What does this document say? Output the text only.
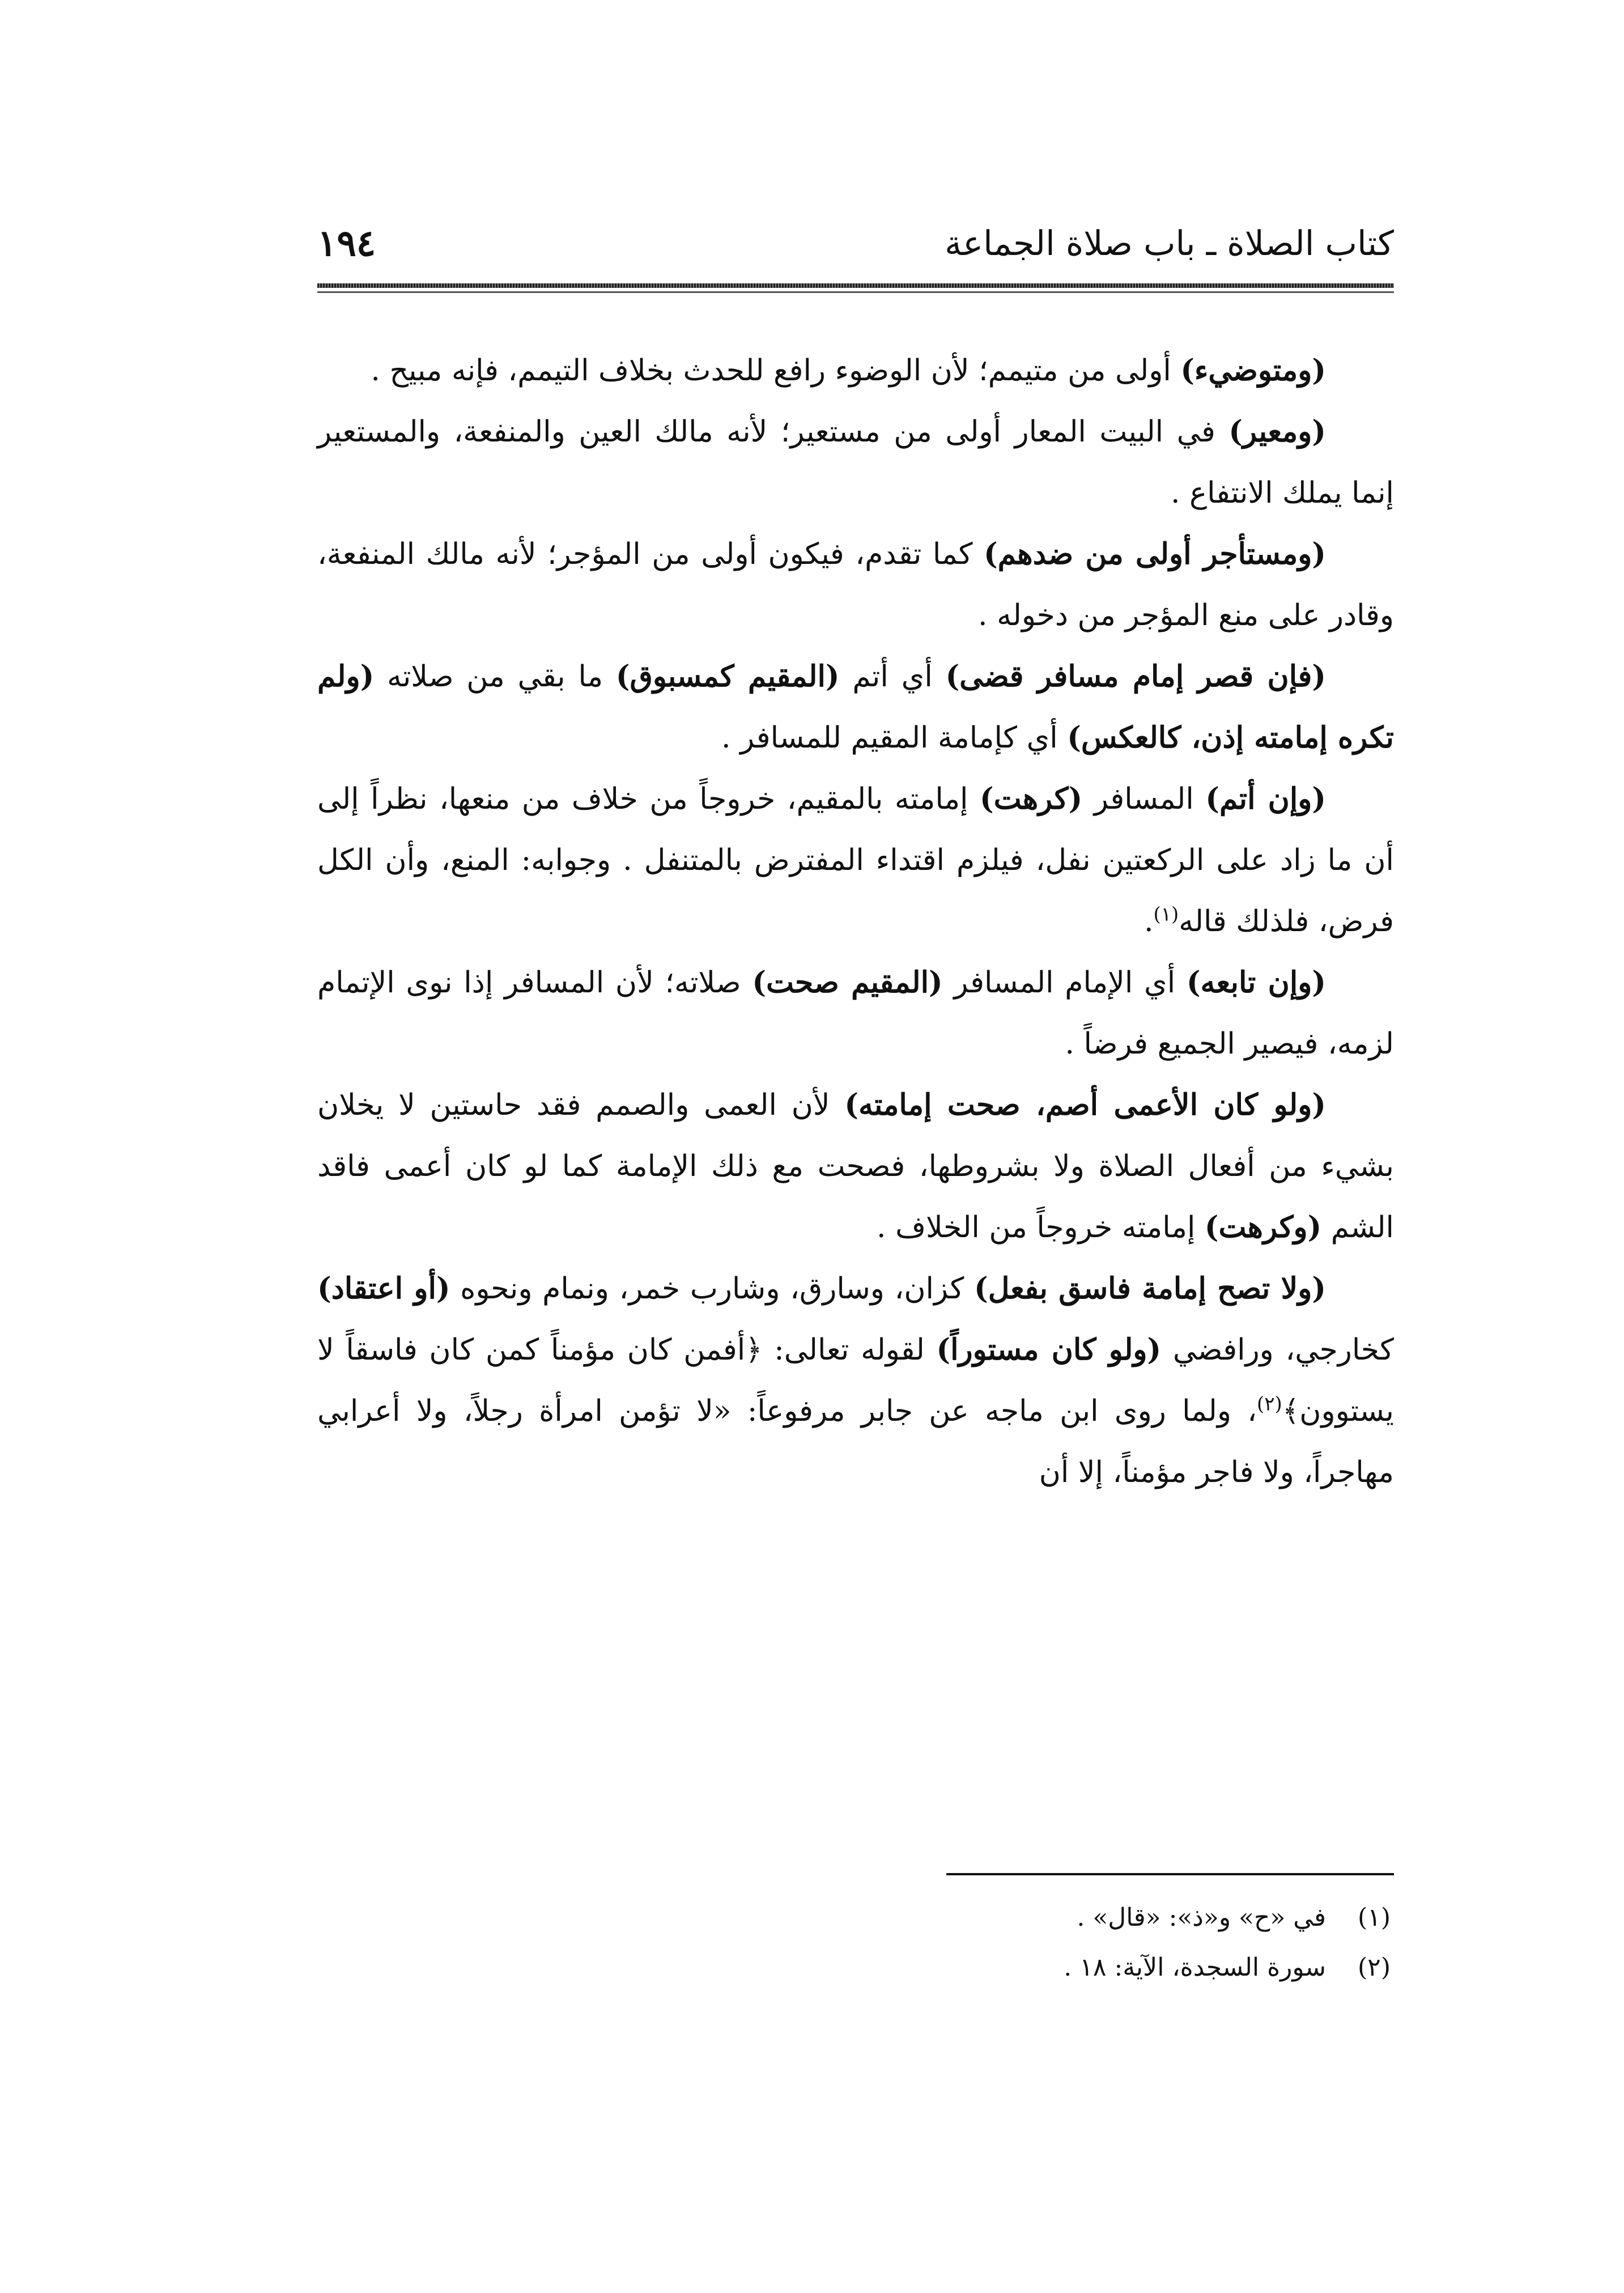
كتاب الصلاة ـ باب صلاة الجماعة
١٩٤

(ومتوضيء) أولى من متيمم؛ لأن الوضوء رافع للحدث بخلاف التيمم، فإنه مبيح .

(ومعير) في البيت المعار أولى من مستعير؛ لأنه مالك العين والمنفعة، والمستعير إنما يملك الانتفاع .

(ومستأجر أولى من ضدهم) كما تقدم، فيكون أولى من المؤجر؛ لأنه مالك المنفعة، وقادر على منع المؤجر من دخوله .

(فإن قصر إمام مسافر قضى) أي أتم (المقيم كمسبوق) ما بقي من صلاته (ولم تكره إمامته إذن، كالعكس) أي كإمامة المقيم للمسافر .

(وإن أتم) المسافر (كرهت) إمامته بالمقيم، خروجاً من خلاف من منعها، نظراً إلى أن ما زاد على الركعتين نفل، فيلزم اقتداء المفترض بالمتنفل . وجوابه: المنع، وأن الكل فرض، فلذلك قاله$^{(١)}$.

(وإن تابعه) أي الإمام المسافر (المقيم صحت) صلاته؛ لأن المسافر إذا نوى الإتمام لزمه، فيصير الجميع فرضاً .

(ولو كان الأعمى أصم، صحت إمامته) لأن العمى والصمم فقد حاستين لا يخلان بشيء من أفعال الصلاة ولا بشروطها، فصحت مع ذلك الإمامة كما لو كان أعمى فاقد الشم (وكرهت) إمامته خروجاً من الخلاف .

(ولا تصح إمامة فاسق بفعل) كزان، وسارق، وشارب خمر، ونمام ونحوه (أو اعتقاد) كخارجي، ورافضي (ولو كان مستوراً) لقوله تعالى: ﴿أفمن كان مؤمناً كمن كان فاسقاً لا يستوون﴾$^{(٢)}$، ولما روى ابن ماجه عن جابر مرفوعاً: «لا تؤمن امرأة رجلاً، ولا أعرابي مهاجراً، ولا فاجر مؤمناً، إلا أن

(١)
في «ح» و«ذ»: «قال» .
(٢)
سورة السجدة، الآية: ١٨ .
